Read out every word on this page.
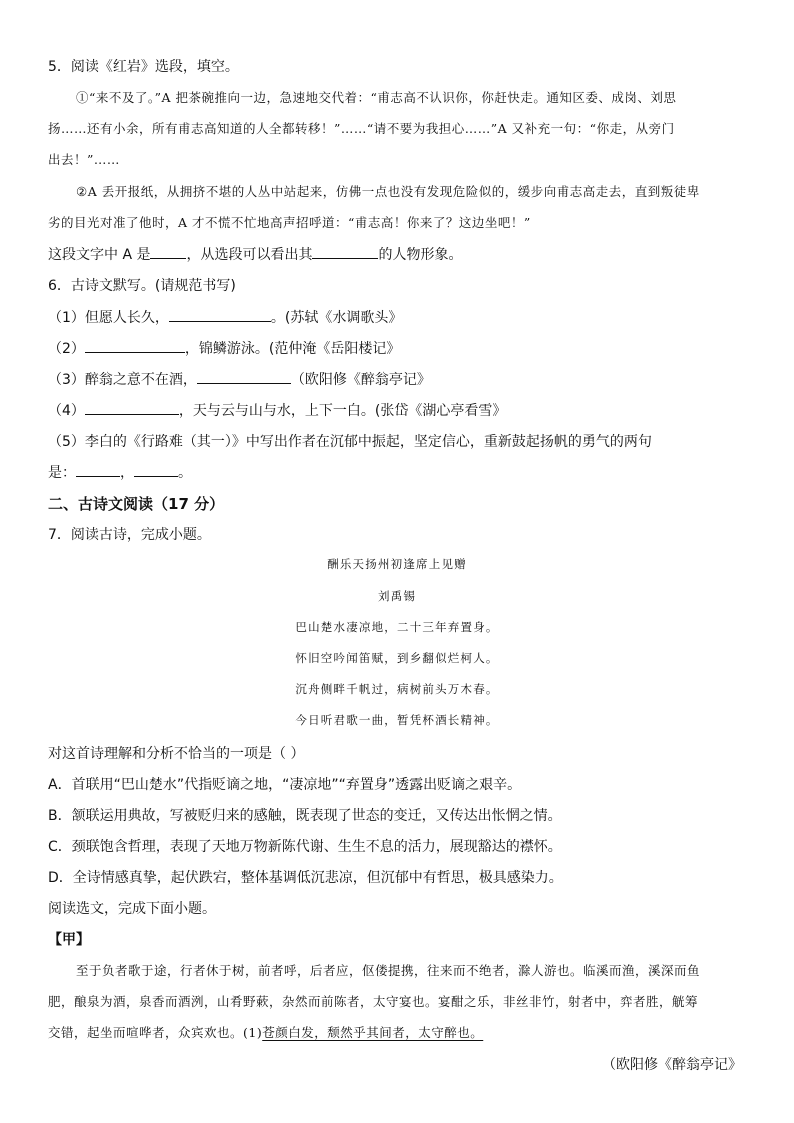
5．阅读《红岩》选段，填空。
①“来不及了。”A 把茶碗推向一边，急速地交代着：“甫志高不认识你，你赶快走。通知区委、成岗、刘思
扬……还有小余，所有甫志高知道的人全都转移！”……“请不要为我担心……”A 又补充一句：“你走，从旁门
出去！”……
②A 丢开报纸，从拥挤不堪的人丛中站起来，仿佛一点也没有发现危险似的，缓步向甫志高走去，直到叛徒卑
劣的目光对准了他时，A 才不慌不忙地高声招呼道：“甫志高！你来了？这边坐吧！”
这段文字中 A 是	，从选段可以看出其	的人物形象。
6．古诗文默写。(请规范书写)
（1）但愿人长久，	。(苏轼《水调歌头》
（2）	，锦鳞游泳。(范仲淹《岳阳楼记》
（3）醉翁之意不在酒，	（欧阳修《醉翁亭记》
（4）	，天与云与山与水，上下一白。(张岱《湖心亭看雪》
（5）李白的《行路难（其一）》中写出作者在沉郁中振起，坚定信心，重新鼓起扬帆的勇气的两句
是：	，	。
二、古诗文阅读（17 分）
7．阅读古诗，完成小题。
酬乐天扬州初逢席上见赠
刘禹锡
巴山楚水凄凉地，二十三年弃置身。
怀旧空吟闻笛赋，到乡翻似烂柯人。
沉舟侧畔千帆过，病树前头万木春。
今日听君歌一曲，暂凭杯酒长精神。
对这首诗理解和分析不恰当的一项是（ ）
A．首联用“巴山楚水”代指贬谪之地，“凄凉地”“弃置身”透露出贬谪之艰辛。
B．颔联运用典故，写被贬归来的感触，既表现了世态的变迁，又传达出怅惘之情。
C．颈联饱含哲理，表现了天地万物新陈代谢、生生不息的活力，展现豁达的襟怀。
D．全诗情感真挚，起伏跌宕，整体基调低沉悲凉，但沉郁中有哲思，极具感染力。
阅读选文，完成下面小题。
【甲】
至于负者歌于途，行者休于树，前者呼，后者应，伛偻提携，往来而不绝者，滁人游也。临溪而渔，溪深而鱼
肥，酿泉为酒，泉香而酒洌，山肴野蔌，杂然而前陈者，太守宴也。宴酣之乐，非丝非竹，射者中，弈者胜，觥筹
交错，起坐而喧哗者，众宾欢也。(1)苍颜白发，颓然乎其间者，太守醉也。
（欧阳修《醉翁亭记》
